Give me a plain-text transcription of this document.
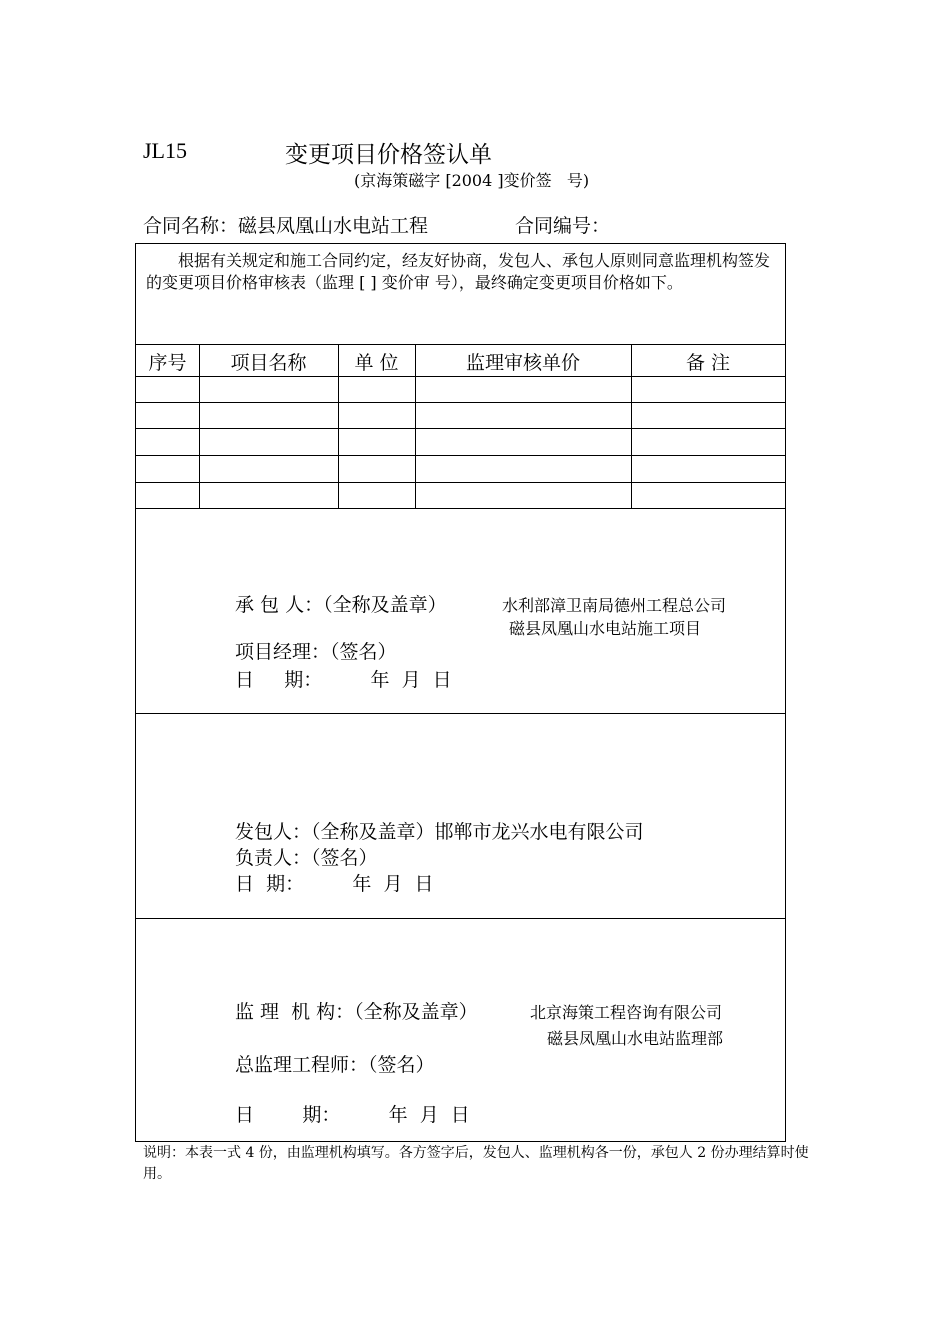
JL15	变更项目价格签认单
(京海策磁字 [2004 ]变价签   号)
合同名称：磁县凤凰山水电站工程	合同编号：
根据有关规定和施工合同约定，经友好协商，发包人、承包人原则同意监理机构签发的变更项目价格审核表（监理 [ ] 变价审 号），最终确定变更项目价格如下。
序号	项目名称	单 位	监理审核单价	备 注
承 包 人：（全称及盖章）	水利部漳卫南局德州工程总公司
磁县凤凰山水电站施工项目
项目经理：（签名）
日     期：        年  月  日
发包人：（全称及盖章）邯郸市龙兴水电有限公司
负责人：（签名）
日  期：        年  月  日
监 理  机 构：（全称及盖章）	北京海策工程咨询有限公司
磁县凤凰山水电站监理部
总监理工程师：（签名）
日        期：        年  月  日
说明：本表一式 4 份，由监理机构填写。各方签字后，发包人、监理机构各一份，承包人 2 份办理结算时使用。
